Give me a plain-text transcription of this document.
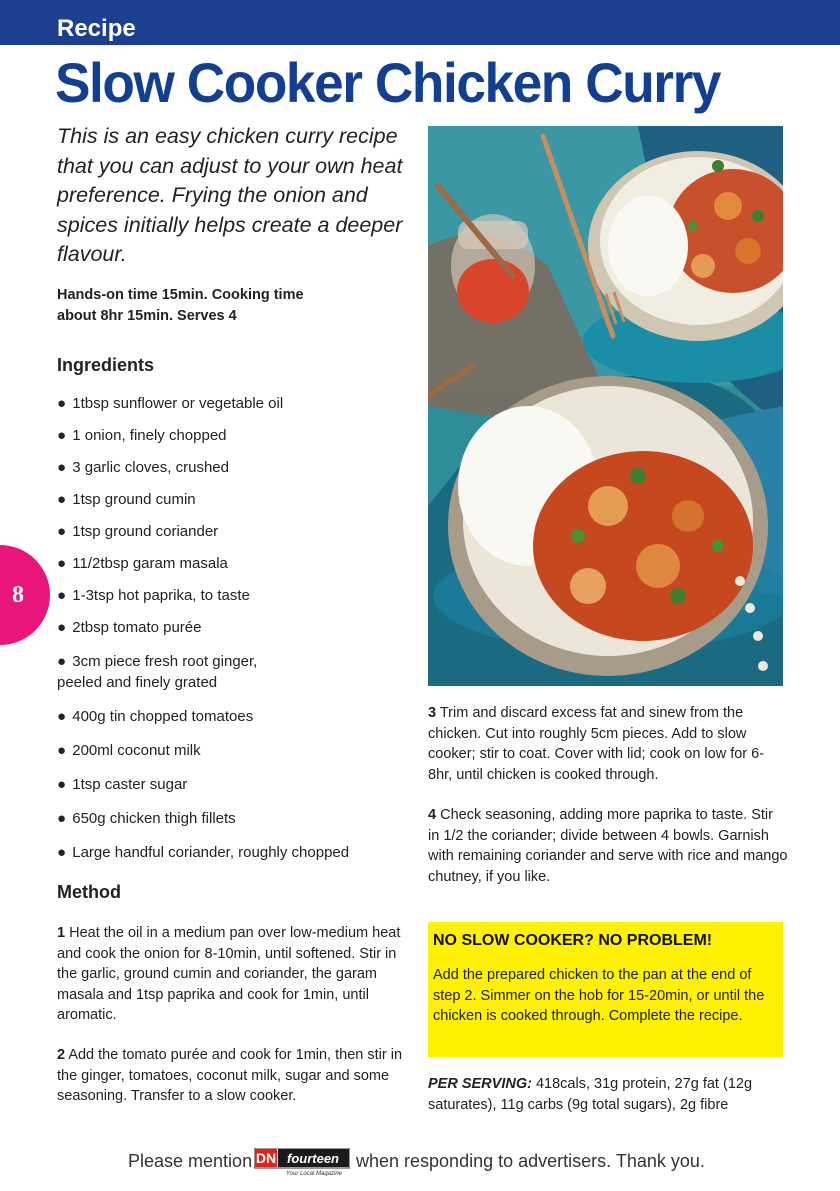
Recipe
Slow Cooker Chicken Curry

This is an easy chicken curry recipe that you can adjust to your own heat preference. Frying the onion and spices initially helps create a deeper flavour.

Hands-on time 15min. Cooking time about 8hr 15min. Serves 4

Ingredients
● 1tbsp sunflower or vegetable oil
● 1 onion, finely chopped
● 3 garlic cloves, crushed
● 1tsp ground cumin
● 1tsp ground coriander
● 11/2tbsp garam masala
● 1-3tsp hot paprika, to taste
● 2tbsp tomato purée
● 3cm piece fresh root ginger, peeled and finely grated
● 400g tin chopped tomatoes
● 200ml coconut milk
● 1tsp caster sugar
● 650g chicken thigh fillets
● Large handful coriander, roughly chopped
Method

1 Heat the oil in a medium pan over low-medium heat and cook the onion for 8-10min, until softened. Stir in the garlic, ground cumin and coriander, the garam masala and 1tsp paprika and cook for 1min, until aromatic.

2 Add the tomato purée and cook for 1min, then stir in the ginger, tomatoes, coconut milk, sugar and some seasoning. Transfer to a slow cooker.

8

3 Trim and discard excess fat and sinew from the chicken. Cut into roughly 5cm pieces. Add to slow cooker; stir to coat. Cover with lid; cook on low for 6-8hr, until chicken is cooked through.

4 Check seasoning, adding more paprika to taste. Stir in 1/2 the coriander; divide between 4 bowls. Garnish with remaining coriander and serve with rice and mango chutney, if you like.

NO SLOW COOKER? NO PROBLEM!
Add the prepared chicken to the pan at the end of step 2. Simmer on the hob for 15-20min, or until the chicken is cooked through. Complete the recipe.

PER SERVING: 418cals, 31g protein, 27g fat (12g saturates), 11g carbs (9g total sugars), 2g fibre

Please mention DN fourteen
Your Local Magazine
when responding to advertisers. Thank you.
